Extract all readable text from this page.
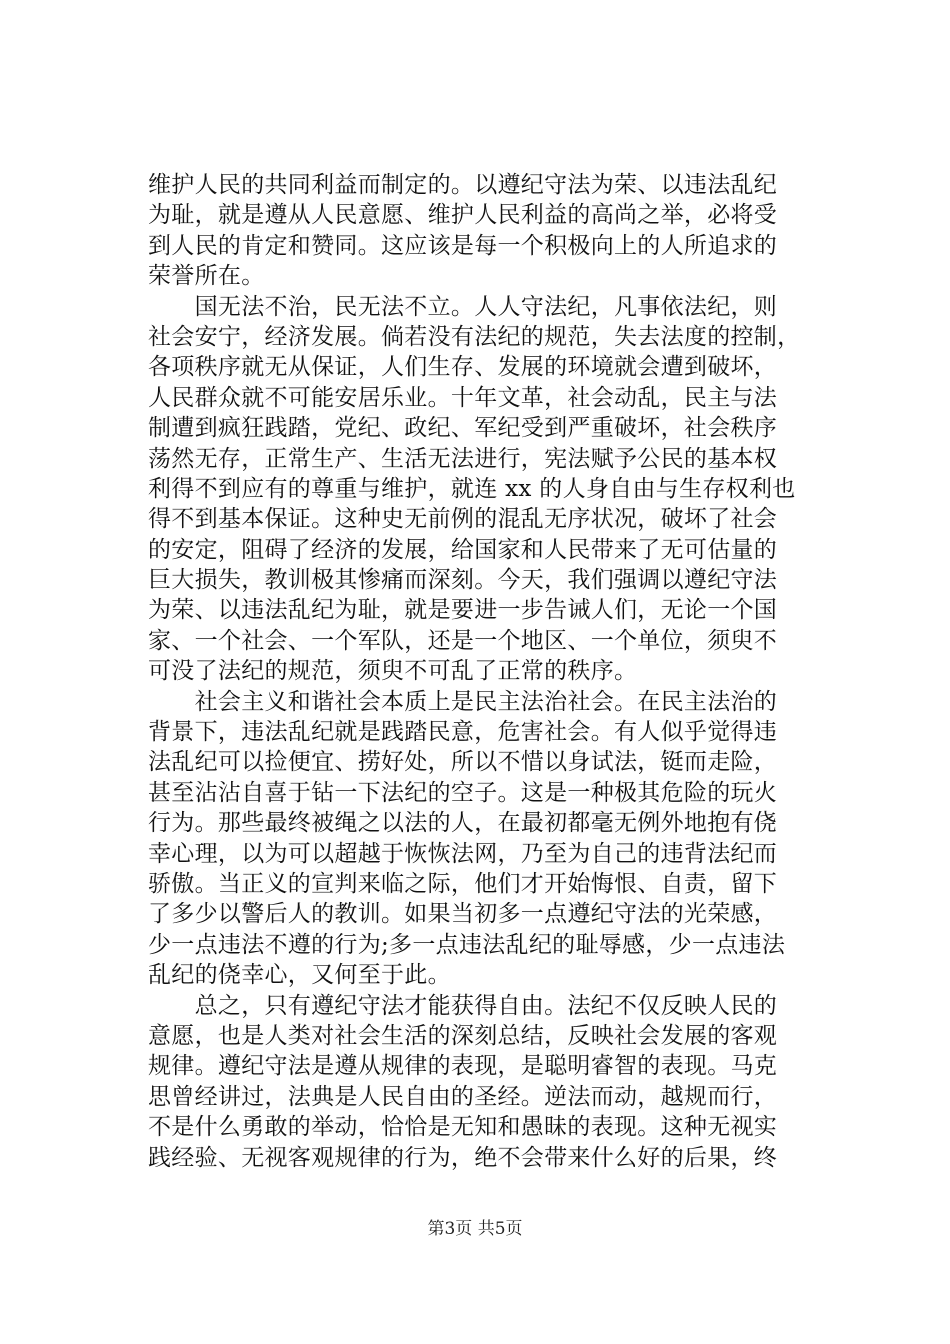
维护人民的共同利益而制定的。以遵纪守法为荣、以违法乱纪
为耻，就是遵从人民意愿、维护人民利益的高尚之举，必将受
到人民的肯定和赞同。这应该是每一个积极向上的人所追求的
荣誉所在。
　　国无法不治，民无法不立。人人守法纪，凡事依法纪，则
社会安宁，经济发展。倘若没有法纪的规范，失去法度的控制，
各项秩序就无从保证，人们生存、发展的环境就会遭到破坏，
人民群众就不可能安居乐业。十年文革，社会动乱，民主与法
制遭到疯狂践踏，党纪、政纪、军纪受到严重破坏，社会秩序
荡然无存，正常生产、生活无法进行，宪法赋予公民的基本权
利得不到应有的尊重与维护，就连 xx 的人身自由与生存权利也
得不到基本保证。这种史无前例的混乱无序状况，破坏了社会
的安定，阻碍了经济的发展，给国家和人民带来了无可估量的
巨大损失，教训极其惨痛而深刻。今天，我们强调以遵纪守法
为荣、以违法乱纪为耻，就是要进一步告诫人们，无论一个国
家、一个社会、一个军队，还是一个地区、一个单位，须臾不
可没了法纪的规范，须臾不可乱了正常的秩序。
　　社会主义和谐社会本质上是民主法治社会。在民主法治的
背景下，违法乱纪就是践踏民意，危害社会。有人似乎觉得违
法乱纪可以捡便宜、捞好处，所以不惜以身试法，铤而走险，
甚至沾沾自喜于钻一下法纪的空子。这是一种极其危险的玩火
行为。那些最终被绳之以法的人，在最初都毫无例外地抱有侥
幸心理，以为可以超越于恢恢法网，乃至为自己的违背法纪而
骄傲。当正义的宣判来临之际，他们才开始悔恨、自责，留下
了多少以警后人的教训。如果当初多一点遵纪守法的光荣感，
少一点违法不遵的行为;多一点违法乱纪的耻辱感，少一点违法
乱纪的侥幸心，又何至于此。
　　总之，只有遵纪守法才能获得自由。法纪不仅反映人民的
意愿，也是人类对社会生活的深刻总结，反映社会发展的客观
规律。遵纪守法是遵从规律的表现，是聪明睿智的表现。马克
思曾经讲过，法典是人民自由的圣经。逆法而动，越规而行，
不是什么勇敢的举动，恰恰是无知和愚昧的表现。这种无视实
践经验、无视客观规律的行为，绝不会带来什么好的后果，终
第3页 共5页
